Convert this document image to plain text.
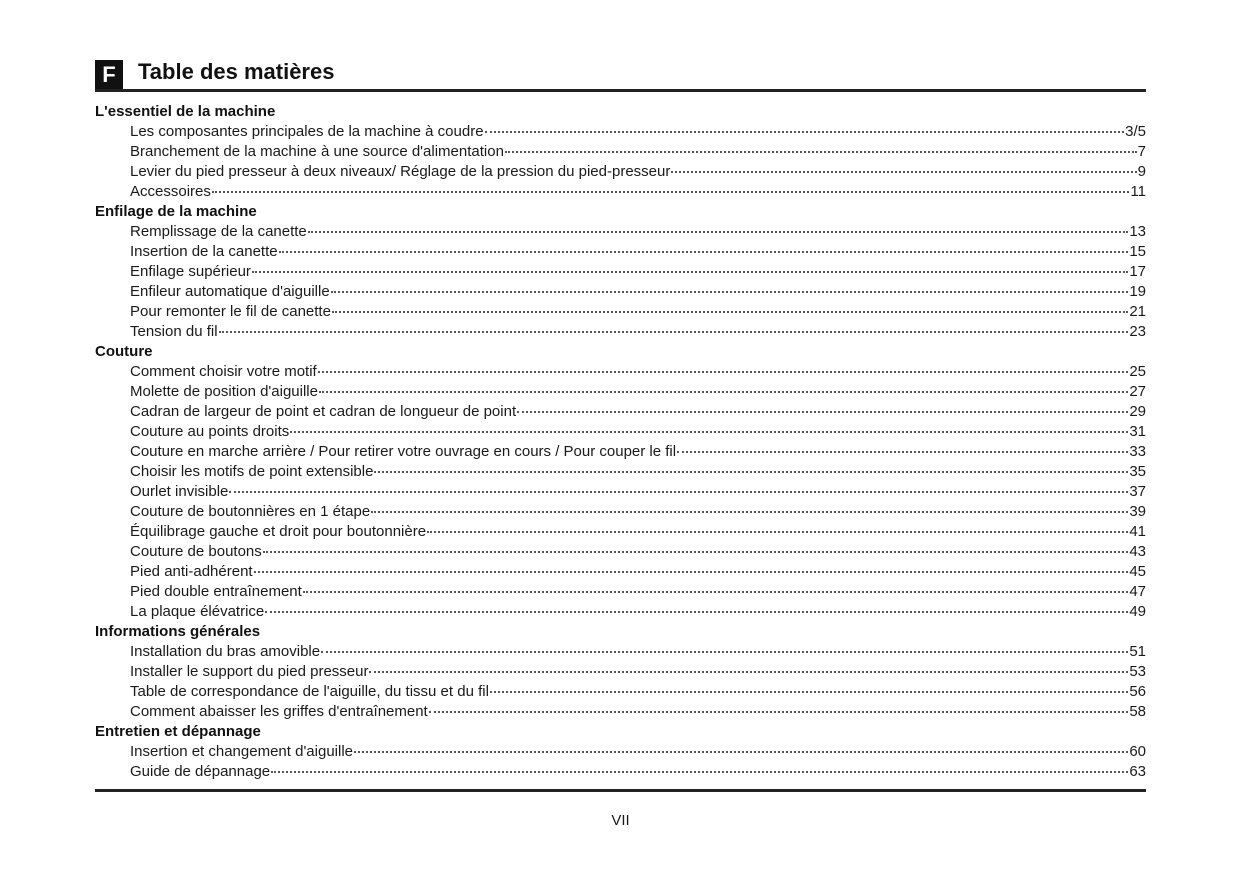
F	Table des matières
L'essentiel de la machine
Les composantes principales de la machine à coudre	3/5
Branchement de la machine à une source d'alimentation	7
Levier du pied presseur à deux niveaux/ Réglage de la pression du pied-presseur	9
Accessoires	11
Enfilage de la machine
Remplissage de la canette	13
Insertion de la canette	15
Enfilage supérieur	17
Enfileur automatique d'aiguille	19
Pour remonter le fil de canette	21
Tension du fil	23
Couture
Comment choisir votre motif	25
Molette de position d'aiguille	27
Cadran de largeur de point et cadran de longueur de point	29
Couture au points droits	31
Couture en marche arrière / Pour retirer votre ouvrage en cours / Pour couper le fil	33
Choisir les motifs de point extensible	35
Ourlet invisible	37
Couture de boutonnières en 1 étape	39
Équilibrage gauche et droit pour boutonnière	41
Couture de boutons	43
Pied anti-adhérent	45
Pied double entraînement	47
La plaque élévatrice	49
Informations générales
Installation du bras amovible	51
Installer le support du pied presseur	53
Table de correspondance de l'aiguille, du tissu et du fil	56
Comment abaisser les griffes d'entraînement	58
Entretien et dépannage
Insertion et changement d'aiguille	60
Guide de dépannage	63
VII
